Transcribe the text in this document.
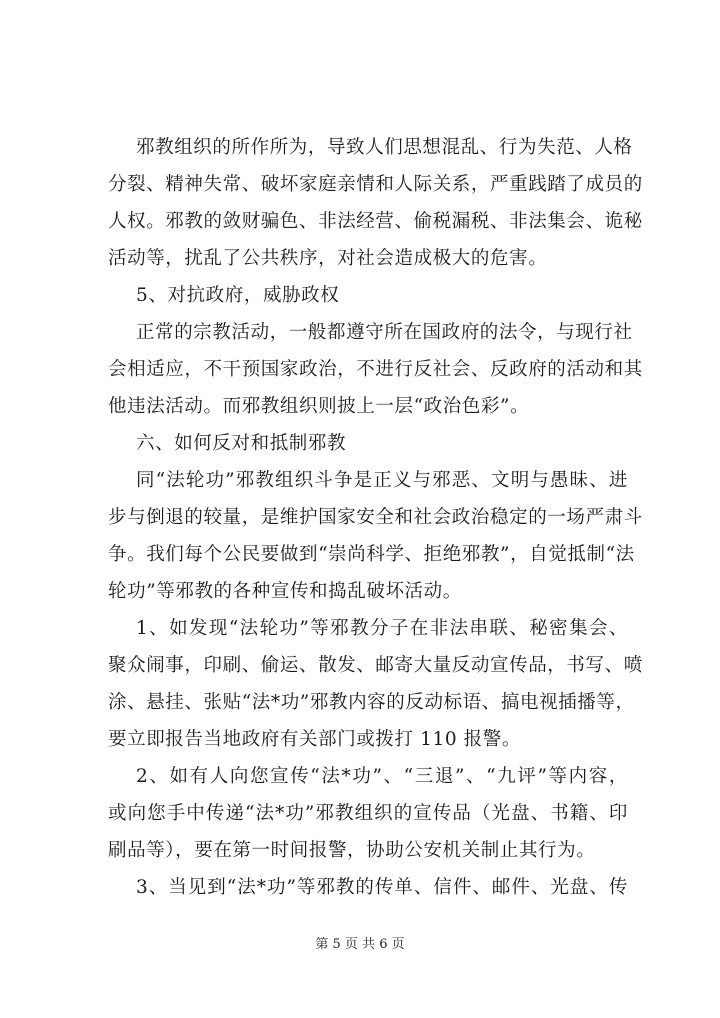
邪教组织的所作所为，导致人们思想混乱、行为失范、人格
分裂、精神失常、破坏家庭亲情和人际关系，严重践踏了成员的
人权。邪教的敛财骗色、非法经营、偷税漏税、非法集会、诡秘
活动等，扰乱了公共秩序，对社会造成极大的危害。
5、对抗政府，威胁政权
正常的宗教活动，一般都遵守所在国政府的法令，与现行社
会相适应，不干预国家政治，不进行反社会、反政府的活动和其
他违法活动。而邪教组织则披上一层“政治色彩”。
六、如何反对和抵制邪教
同“法轮功”邪教组织斗争是正义与邪恶、文明与愚昧、进
步与倒退的较量，是维护国家安全和社会政治稳定的一场严肃斗
争。我们每个公民要做到“崇尚科学、拒绝邪教”，自觉抵制“法
轮功”等邪教的各种宣传和捣乱破坏活动。
1、如发现“法轮功”等邪教分子在非法串联、秘密集会、
聚众闹事，印刷、偷运、散发、邮寄大量反动宣传品，书写、喷
涂、悬挂、张贴“法*功”邪教内容的反动标语、搞电视插播等，
要立即报告当地政府有关部门或拨打 110 报警。
2、如有人向您宣传“法*功”、“三退”、“九评”等内容，
或向您手中传递“法*功”邪教组织的宣传品（光盘、书籍、印
刷品等），要在第一时间报警，协助公安机关制止其行为。
3、当见到“法*功”等邪教的传单、信件、邮件、光盘、传
第 5 页 共 6 页
